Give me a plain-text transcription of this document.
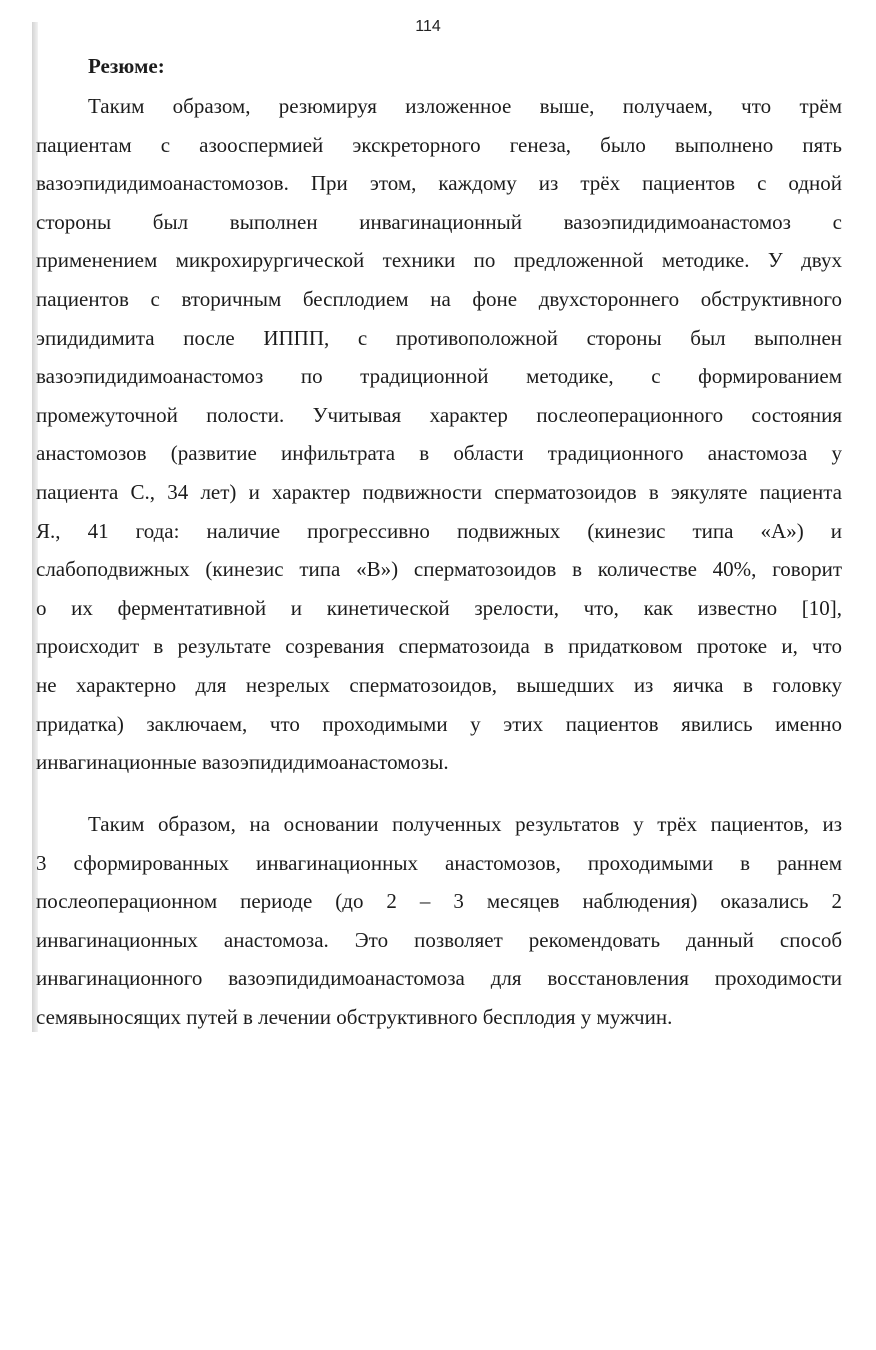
114

Резюме:

Таким образом, резюмируя изложенное выше, получаем, что трём
пациентам с азооспермией экскреторного генеза, было выполнено пять
вазоэпидидимоанастомозов. При этом, каждому из трёх пациентов с одной
стороны был выполнен инвагинационный вазоэпидидимоанастомоз с
применением микрохирургической техники по предложенной методике. У двух
пациентов с вторичным бесплодием на фоне двухстороннего обструктивного
эпидидимита после ИППП, с противоположной стороны был выполнен
вазоэпидидимоанастомоз по традиционной методике, с формированием
промежуточной полости. Учитывая характер послеоперационного состояния
анастомозов (развитие инфильтрата в области традиционного анастомоза у
пациента С., 34 лет) и характер подвижности сперматозоидов в эякуляте пациента
Я., 41 года: наличие прогрессивно подвижных (кинезис типа «А») и
слабоподвижных (кинезис типа «В») сперматозоидов в количестве 40%, говорит
о их ферментативной и кинетической зрелости, что, как известно [10],
происходит в результате созревания сперматозоида в придатковом протоке и, что
не характерно для незрелых сперматозоидов, вышедших из яичка в головку
придатка) заключаем, что проходимыми у этих пациентов явились именно
инвагинационные вазоэпидидимоанастомозы.
Таким образом, на основании полученных результатов у трёх пациентов, из
3 сформированных инвагинационных анастомозов, проходимыми в раннем
послеоперационном периоде (до 2 – 3 месяцев наблюдения) оказались 2
инвагинационных анастомоза. Это позволяет рекомендовать данный способ
инвагинационного вазоэпидидимоанастомоза для восстановления проходимости
семявыносящих путей в лечении обструктивного бесплодия у мужчин.
